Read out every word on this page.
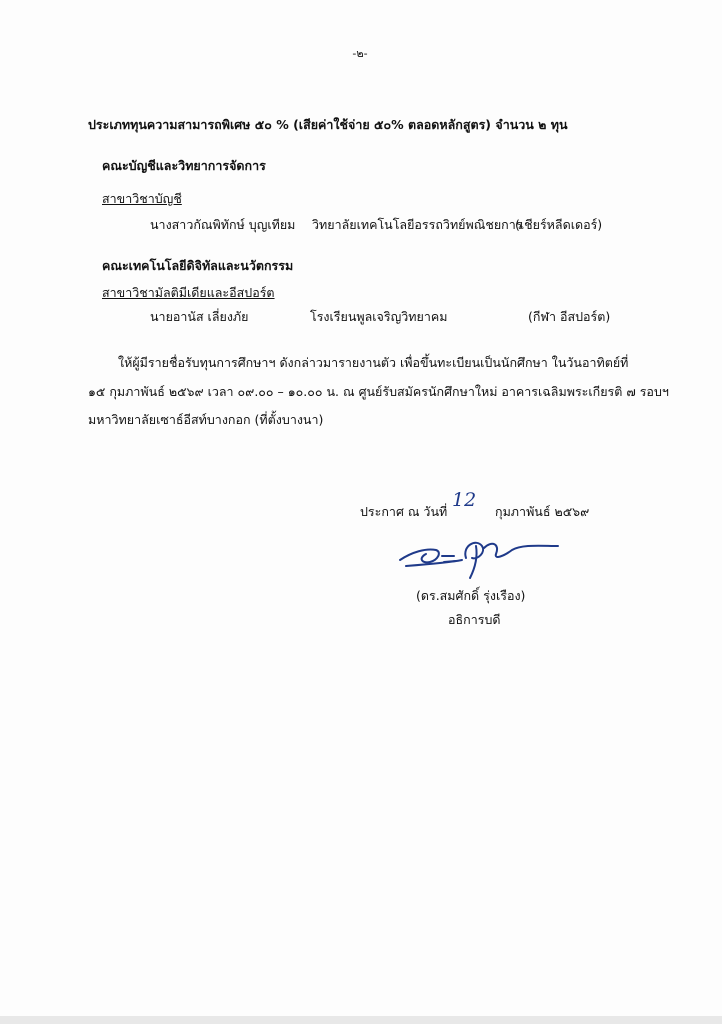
-๒-
ประเภททุนความสามารถพิเศษ ๕๐ % (เสียค่าใช้จ่าย ๕๐% ตลอดหลักสูตร) จำนวน ๒ ทุน
คณะบัญชีและวิทยาการจัดการ
สาขาวิชาบัญชี
นางสาวกัณพิทักษ์ บุญเทียม วิทยาลัยเทคโนโลยีอรรถวิทย์พณิชยการ
(เชียร์หลีดเดอร์)
คณะเทคโนโลยีดิจิทัลและนวัตกรรม
สาขาวิชามัลติมีเดียและอีสปอร์ต
นายอานัส เลี่ยงภัย	โรงเรียนพูลเจริญวิทยาคม	(กีฬา อีสปอร์ต)
ให้ผู้มีรายชื่อรับทุนการศึกษาฯ ดังกล่าวมารายงานตัว เพื่อขึ้นทะเบียนเป็นนักศึกษา ในวันอาทิตย์ที่
๑๕ กุมภาพันธ์ ๒๕๖๙ เวลา ๐๙.๐๐ – ๑๐.๐๐ น. ณ ศูนย์รับสมัครนักศึกษาใหม่ อาคารเฉลิมพระเกียรติ ๗ รอบฯ
มหาวิทยาลัยเซาธ์อีสท์บางกอก (ที่ตั้งบางนา)
ประกาศ ณ วันที่
12
กุมภาพันธ์ ๒๕๖๙
(ดร.สมศักดิ์ รุ่งเรือง)
อธิการบดี
